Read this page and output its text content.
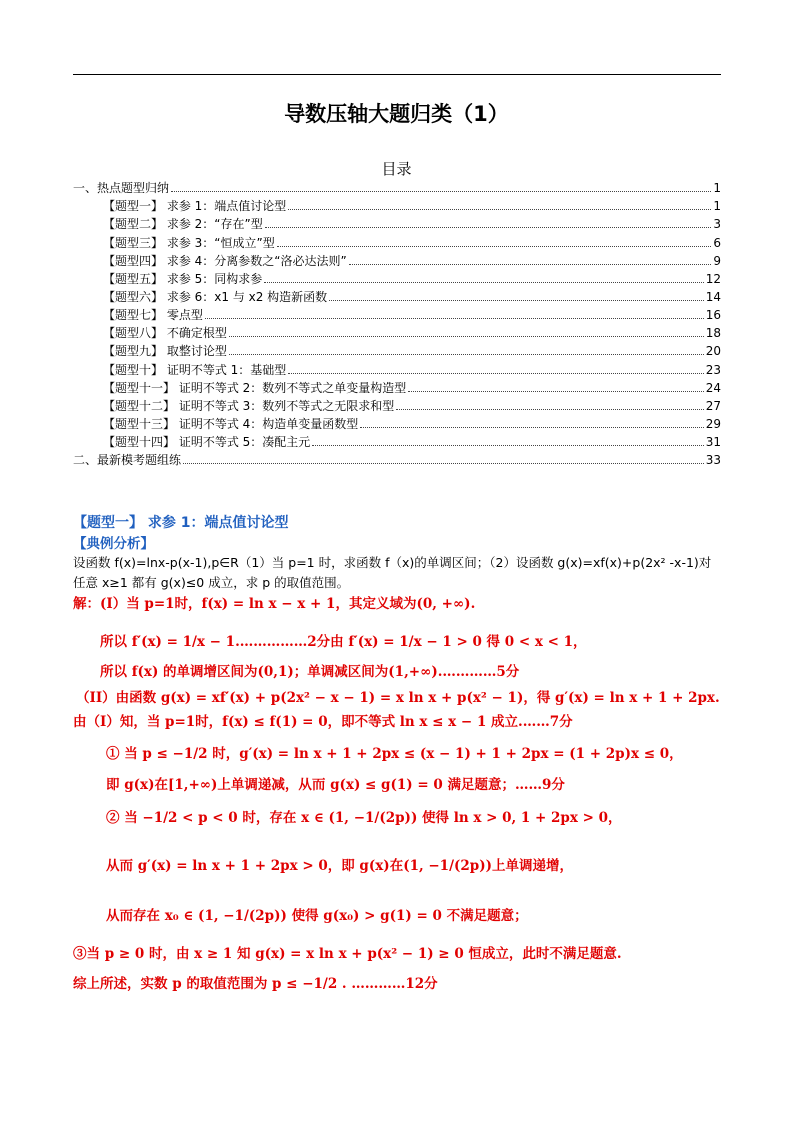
导数压轴大题归类（1）
目录
一、热点题型归纳	1
【题型一】 求参 1：端点值讨论型	1
【题型二】 求参 2：“存在”型	3
【题型三】 求参 3：“恒成立”型	6
【题型四】 求参 4：分离参数之“洛必达法则”	9
【题型五】 求参 5：同构求参	12
【题型六】 求参 6：x1 与 x2 构造新函数	14
【题型七】 零点型	16
【题型八】 不确定根型	18
【题型九】 取整讨论型	20
【题型十】 证明不等式 1：基础型	23
【题型十一】 证明不等式 2：数列不等式之单变量构造型	24
【题型十二】 证明不等式 3：数列不等式之无限求和型	27
【题型十三】 证明不等式 4：构造单变量函数型	29
【题型十四】 证明不等式 5：凑配主元	31
二、最新模考题组练	33
【题型一】 求参 1：端点值讨论型
【典例分析】
设函数 f(x)=lnx-p(x-1),p∈R（1）当 p=1 时，求函数 f（x)的单调区间；（2）设函数 g(x)=xf(x)+p(2x² -x-1)对
任意 x≥1 都有 g(x)≤0 成立，求 p 的取值范围。
解：(I）当 p=1时，f(x) = ln x − x + 1，其定义域为(0, +∞).
所以 f′(x) = 1/x − 1.……………2分由 f′(x) = 1/x − 1 > 0 得 0 < x < 1，
所以 f(x) 的单调增区间为(0,1)；单调减区间为(1,+∞).…………5分
（II）由函数 g(x) = xf′(x) + p(2x² − x − 1) = x ln x + p(x² − 1)，得 g′(x) = ln x + 1 + 2px.
由（I）知，当 p=1时，f(x) ≤ f(1) = 0，即不等式 ln x ≤ x − 1 成立.……7分
① 当 p ≤ −1/2 时，g′(x) = ln x + 1 + 2px ≤ (x − 1) + 1 + 2px = (1 + 2p)x ≤ 0，
即 g(x)在[1,+∞)上单调递减，从而 g(x) ≤ g(1) = 0 满足题意；……9分
② 当 −1/2 < p < 0 时，存在 x ∈ (1, −1/(2p)) 使得 ln x > 0, 1 + 2px > 0，
从而 g′(x) = ln x + 1 + 2px > 0，即 g(x)在(1, −1/(2p))上单调递增，
从而存在 x₀ ∈ (1, −1/(2p)) 使得 g(x₀) > g(1) = 0 不满足题意；
③当 p ≥ 0 时，由 x ≥ 1 知 g(x) = x ln x + p(x² − 1) ≥ 0 恒成立，此时不满足题意.
综上所述，实数 p 的取值范围为 p ≤ −1/2 . …………12分
